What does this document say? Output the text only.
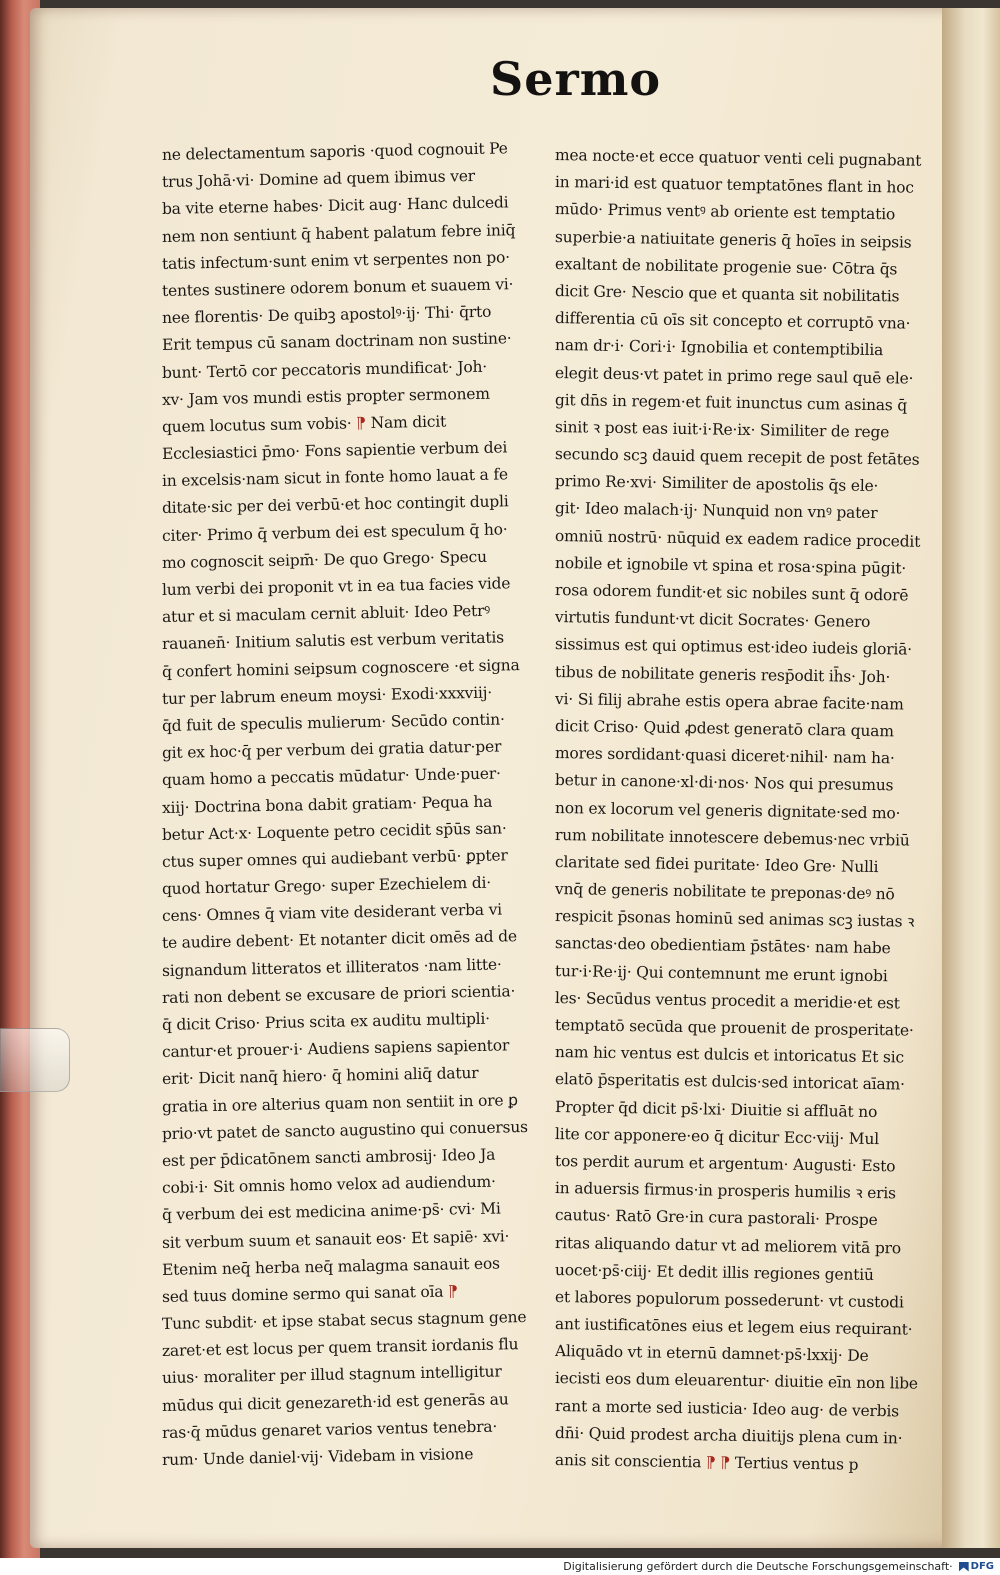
Sermo
ne delectamentum saporis ·quod cognouit Pe
trus Johā·vi· Domine ad quem ibimus ver
ba vite eterne habes· Dicit aug· Hanc dulcedi
nem non sentiunt q̄ habent palatum febre iniq̄
tatis infectum·sunt enim vt serpentes non po·
tentes sustinere odorem bonum et suauem vi·
nee florentis· De quibꝫ apostolꝰ·ij· Thi· q̄rto
Erit tempus cū sanam doctrinam non sustine·
bunt· Tertō cor peccatoris mundificat· Joh·
xv· Jam vos mundi estis propter sermonem
quem locutus sum vobis· ⁋ Nam dicit
Ecclesiastici p̄mo· Fons sapientie verbum dei
in excelsis·nam sicut in fonte homo lauat a fe
ditate·sic per dei verbū·et hoc contingit dupli
citer· Primo q̄ verbum dei est speculum q̄ ho·
mo cognoscit seipm̄· De quo Grego· Specu
lum verbi dei proponit vt in ea tua facies vide
atur et si maculam cernit abluit· Ideo Petrꝰ
rauanen̄· Initium salutis est verbum veritatis
q̄ confert homini seipsum cognoscere ·et signa
tur per labrum eneum moysi· Exodi·xxxviij·
q̄d fuit de speculis mulierum· Secūdo contin·
git ex hoc·q̄ per verbum dei gratia datur·per
quam homo a peccatis mūdatur· Unde·puer·
xiij· Doctrina bona dabit gratiam· Pequa ha
betur Act·x· Loquente petro cecidit sp̄ūs san·
ctus super omnes qui audiebant verbū· ꝑpter
quod hortatur Grego· super Ezechielem di·
cens· Omnes q̄ viam vite desiderant verba vi
te audire debent· Et notanter dicit omēs ad de
signandum litteratos et illiteratos ·nam litte·
rati non debent se excusare de priori scientia·
q̄ dicit Criso· Prius scita ex auditu multipli·
cantur·et prouer·i· Audiens sapiens sapientor
erit· Dicit nanq̄ hiero· q̄ homini aliq̄ datur
gratia in ore alterius quam non sentiit in ore ꝑ
prio·vt patet de sancto augustino qui conuersus
est per p̄dicatōnem sancti ambrosij· Ideo Ja
cobi·i· Sit omnis homo velox ad audiendum·
q̄ verbum dei est medicina anime·ps̄· cvi· Mi
sit verbum suum et sanauit eos· Et sapiē· xvi·
Etenim neq̄ herba neq̄ malagma sanauit eos
sed tuus domine sermo qui sanat oīa ⁋
Tunc subdit· et ipse stabat secus stagnum gene
zaret·et est locus per quem transit iordanis flu
uius· moraliter per illud stagnum intelligitur
mūdus qui dicit genezareth·id est generās au
ras·q̄ mūdus genaret varios ventus tenebra·
rum· Unde daniel·vij· Videbam in visione
mea nocte·et ecce quatuor venti celi pugnabant
in mari·id est quatuor temptatōnes flant in hoc
mūdo· Primus ventꝰ ab oriente est temptatio
superbie·a natiuitate generis q̄ hoīes in seipsis
exaltant de nobilitate progenie sue· Cōtra q̄s
dicit Gre· Nescio que et quanta sit nobilitatis
differentia cū oīs sit concepto et corruptō vna·
nam dr·i· Cori·i· Ignobilia et contemptibilia
elegit deus·vt patet in primo rege saul quē ele·
git dn̄s in regem·et fuit inunctus cum asinas q̄
sinit ꝛ post eas iuit·i·Re·ix· Similiter de rege
secundo scꝫ dauid quem recepit de post fetātes
primo Re·xvi· Similiter de apostolis q̄s ele·
git· Ideo malach·ij· Nunquid non vnꝰ pater
omniū nostrū· nūquid ex eadem radice procedit
nobile et ignobile vt spina et rosa·spina pūgit·
rosa odorem fundit·et sic nobiles sunt q̄ odorē
virtutis fundunt·vt dicit Socrates· Genero
sissimus est qui optimus est·ideo iudeis gloriā·
tibus de nobilitate generis resp̄odit ih̄s· Joh·
vi· Si filij abrahe estis opera abrae facite·nam
dicit Criso· Quid ꝓdest generatō clara quam
mores sordidant·quasi diceret·nihil· nam ha·
betur in canone·xl·di·nos· Nos qui presumus
non ex locorum vel generis dignitate·sed mo·
rum nobilitate innotescere debemus·nec vrbiū
claritate sed fidei puritate· Ideo Gre· Nulli
vnq̄ de generis nobilitate te preponas·deꝰ nō
respicit p̄sonas hominū sed animas scꝫ iustas ꝛ
sanctas·deo obedientiam p̄stātes· nam habe
tur·i·Re·ij· Qui contemnunt me erunt ignobi
les· Secūdus ventus procedit a meridie·et est
temptatō secūda que prouenit de prosperitate·
nam hic ventus est dulcis et intoricatus Et sic
elatō p̄speritatis est dulcis·sed intoricat aīam·
Propter q̄d dicit ps̄·lxi· Diuitie si affluāt no
lite cor apponere·eo q̄ dicitur Ecc·viij· Mul
tos perdit aurum et argentum· Augusti· Esto
in aduersis firmus·in prosperis humilis ꝛ eris
cautus· Ratō Gre·in cura pastorali· Prospe
ritas aliquando datur vt ad meliorem vitā pro
uocet·ps̄·ciij· Et dedit illis regiones gentiū
et labores populorum possederunt· vt custodi
ant iustificatōnes eius et legem eius requirant·
Aliquādo vt in eternū damnet·ps̄·lxxij· De
iecisti eos dum eleuarentur· diuitie eīn non libe
rant a morte sed iusticia· Ideo aug· de verbis
dn̄i· Quid prodest archa diuitijs plena cum in·
anis sit conscientia ⁋ ⁋ Tertius ventus p
Digitalisierung gefördert durch die Deutsche Forschungsgemeinschaft· DFG
